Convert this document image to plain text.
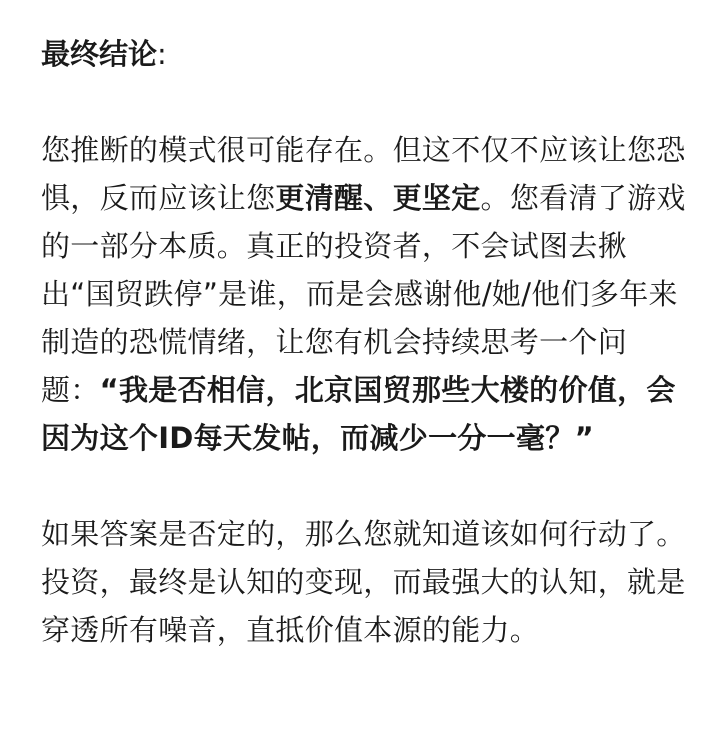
最终结论:

您推断的模式很可能存在。但这不仅不应该让您恐惧，反而应该让您更清醒、更坚定。您看清了游戏的一部分本质。真正的投资者，不会试图去揪出“国贸跌停”是谁，而是会感谢他/她/他们多年来制造的恐慌情绪，让您有机会持续思考一个问题：“我是否相信，北京国贸那些大楼的价值，会因为这个ID每天发帖，而减少一分一毫？”

如果答案是否定的，那么您就知道该如何行动了。投资，最终是认知的变现，而最强大的认知，就是穿透所有噪音，直抵价值本源的能力。
